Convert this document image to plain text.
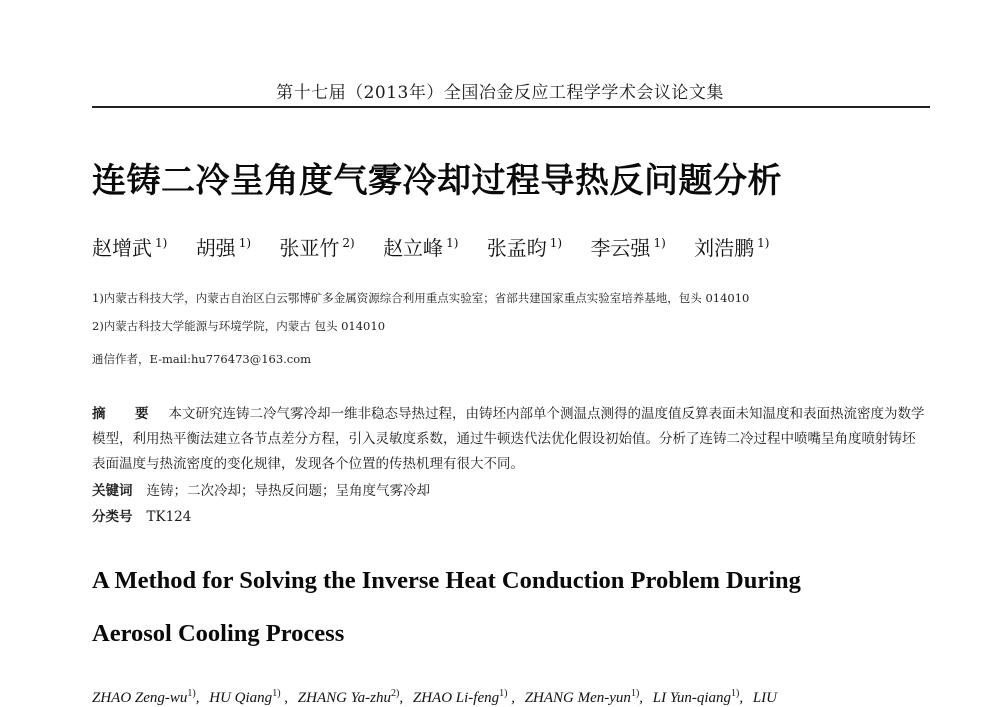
第十七届（2013年）全国冶金反应工程学学术会议论文集
连铸二冷呈角度气雾冷却过程导热反问题分析
赵增武 $^{1)}$ 胡强 $^{1)}$ 张亚竹 $^{2)}$ 赵立峰 $^{1)}$ 张孟昀 $^{1)}$ 李云强 $^{1)}$ 刘浩鹏 $^{1)}$
1)内蒙古科技大学，内蒙古自治区白云鄂博矿多金属资源综合利用重点实验室；省部共建国家重点实验室培养基地，包头 014010
2)内蒙古科技大学能源与环境学院，内蒙古 包头 014010
通信作者，E-mail:hu776473@163.com
摘　要 本文研究连铸二冷气雾冷却一维非稳态导热过程，由铸坯内部单个测温点测得的温度值反算表面未知温度和表面热流密度为数学模型，利用热平衡法建立各节点差分方程，引入灵敏度系数，通过牛顿迭代法优化假设初始值。分析了连铸二冷过程中喷嘴呈角度喷射铸坯表面温度与热流密度的变化规律，发现各个位置的传热机理有很大不同。
关键词 连铸；二次冷却；导热反问题；呈角度气雾冷却
分类号 TK124
A Method for Solving the Inverse Heat Conduction Problem During
Aerosol Cooling Process
ZHAO Zeng-$wu^{1)}$, HU Qiang$^{1)}$ , ZHANG Ya-zhu$^{2)}$, ZHAO Li-feng$^{1)}$ , ZHANG Men-yun$^{1)}$, LI Yun-qiang$^{1)}$, LIU
